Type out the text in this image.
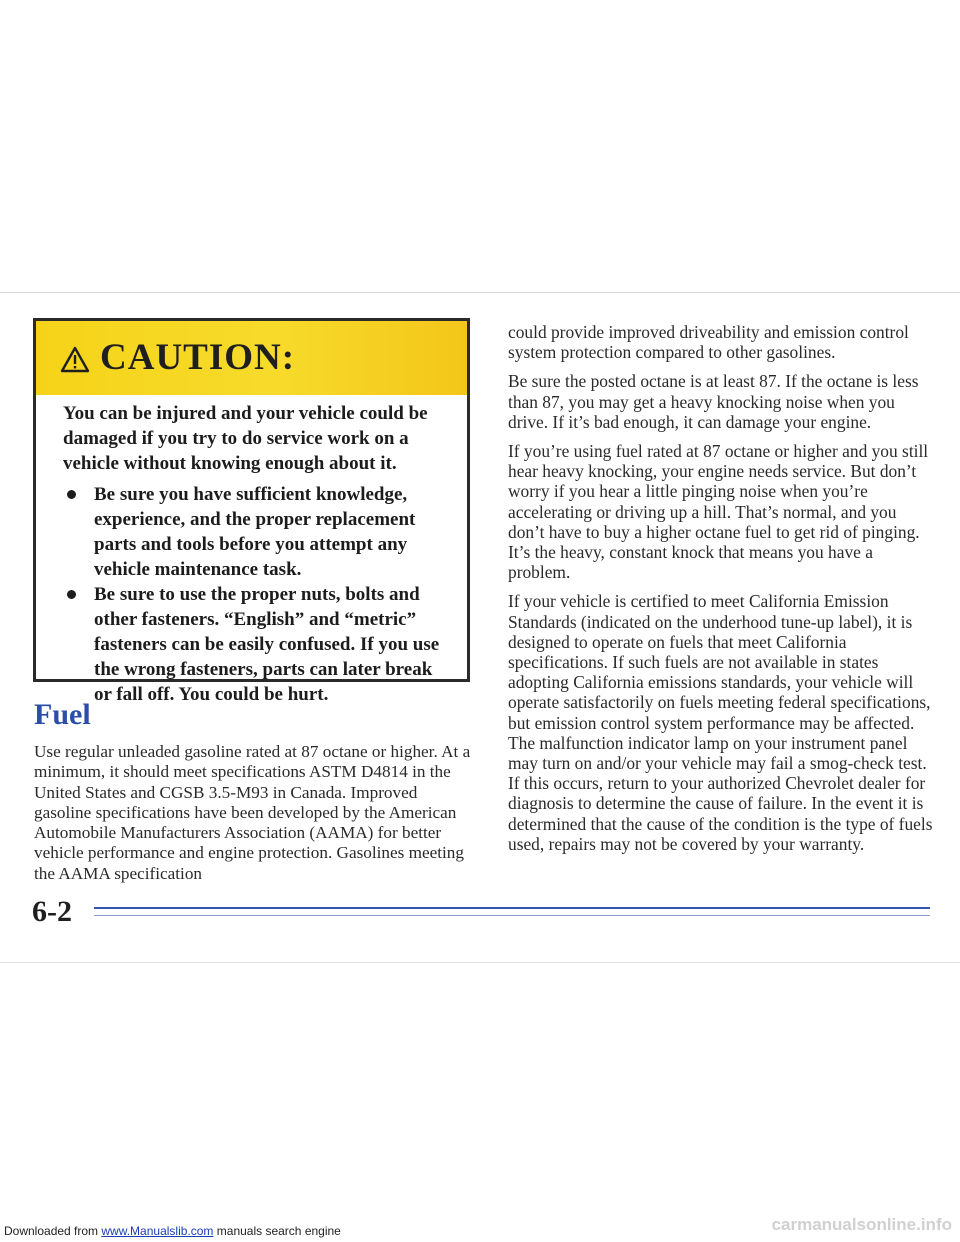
CAUTION:

You can be injured and your vehicle could be damaged if you try to do service work on a vehicle without knowing enough about it.

Be sure you have sufficient knowledge, experience, and the proper replacement parts and tools before you attempt any vehicle maintenance task.
Be sure to use the proper nuts, bolts and other fasteners. “English” and “metric” fasteners can be easily confused. If you use the wrong fasteners, parts can later break or fall off. You could be hurt.
Fuel
Use regular unleaded gasoline rated at 87 octane or higher. At a minimum, it should meet specifications ASTM D4814 in the United States and CGSB 3.5-M93 in Canada. Improved gasoline specifications have been developed by the American Automobile Manufacturers Association (AAMA) for better vehicle performance and engine protection. Gasolines meeting the AAMA specification

could provide improved driveability and emission control system protection compared to other gasolines.

Be sure the posted octane is at least 87. If the octane is less than 87, you may get a heavy knocking noise when you drive. If it’s bad enough, it can damage your engine.

If you’re using fuel rated at 87 octane or higher and you still hear heavy knocking, your engine needs service. But don’t worry if you hear a little pinging noise when you’re accelerating or driving up a hill. That’s normal, and you don’t have to buy a higher octane fuel to get rid of pinging. It’s the heavy, constant knock that means you have a problem.

If your vehicle is certified to meet California Emission Standards (indicated on the underhood tune-up label), it is designed to operate on fuels that meet California specifications. If such fuels are not available in states adopting California emissions standards, your vehicle will operate satisfactorily on fuels meeting federal specifications, but emission control system performance may be affected. The malfunction indicator lamp on your instrument panel may turn on and/or your vehicle may fail a smog-check test. If this occurs, return to your authorized Chevrolet dealer for diagnosis to determine the cause of failure. In the event it is determined that the cause of the condition is the type of fuels used, repairs may not be covered by your warranty.

6-2
Downloaded from www.Manualslib.com manuals search engine	carmanualsonline.info
